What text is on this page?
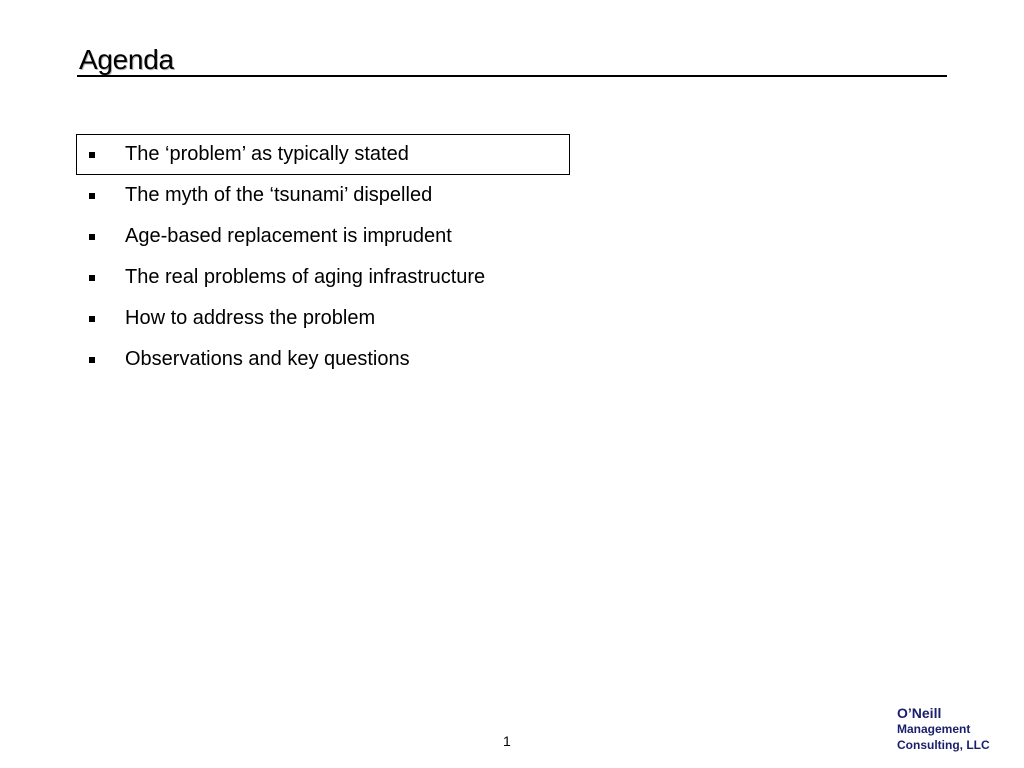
Agenda
The ‘problem’ as typically stated
The myth of the ‘tsunami’ dispelled
Age-based replacement is imprudent
The real problems of aging infrastructure
How to address the problem
Observations and key questions
1
O’Neill
Management
Consulting, LLC
